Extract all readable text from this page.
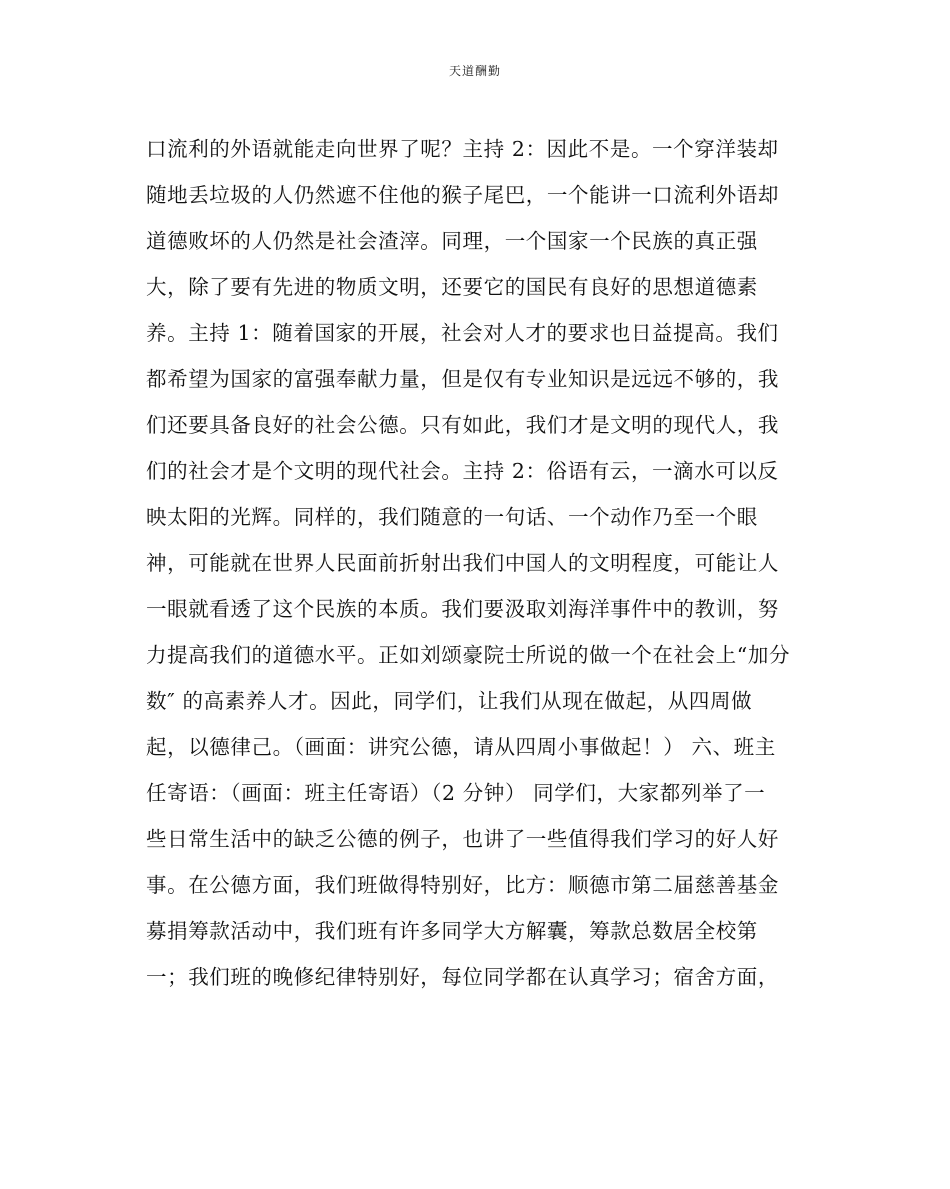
天道酬勤
口流利的外语就能走向世界了呢？主持 2：因此不是。一个穿洋装却
随地丢垃圾的人仍然遮不住他的猴子尾巴，一个能讲一口流利外语却
道德败坏的人仍然是社会渣滓。同理，一个国家一个民族的真正强
大，除了要有先进的物质文明，还要它的国民有良好的思想道德素
养。主持 1：随着国家的开展，社会对人才的要求也日益提高。我们
都希望为国家的富强奉献力量，但是仅有专业知识是远远不够的，我
们还要具备良好的社会公德。只有如此，我们才是文明的现代人，我
们的社会才是个文明的现代社会。主持 2：俗语有云，一滴水可以反
映太阳的光辉。同样的，我们随意的一句话、一个动作乃至一个眼
神，可能就在世界人民面前折射出我们中国人的文明程度，可能让人
一眼就看透了这个民族的本质。我们要汲取刘海洋事件中的教训，努
力提高我们的道德水平。正如刘颂豪院士所说的做一个在社会上“加分
数″ 的高素养人才。因此，同学们，让我们从现在做起，从四周做
起，以德律己。（画面：讲究公德，请从四周小事做起！） 六、班主
任寄语：（画面：班主任寄语）（2 分钟） 同学们，大家都列举了一
些日常生活中的缺乏公德的例子，也讲了一些值得我们学习的好人好
事。在公德方面，我们班做得特别好，比方：顺德市第二届慈善基金
募捐筹款活动中，我们班有许多同学大方解囊，筹款总数居全校第
一；我们班的晚修纪律特别好，每位同学都在认真学习；宿舍方面，
